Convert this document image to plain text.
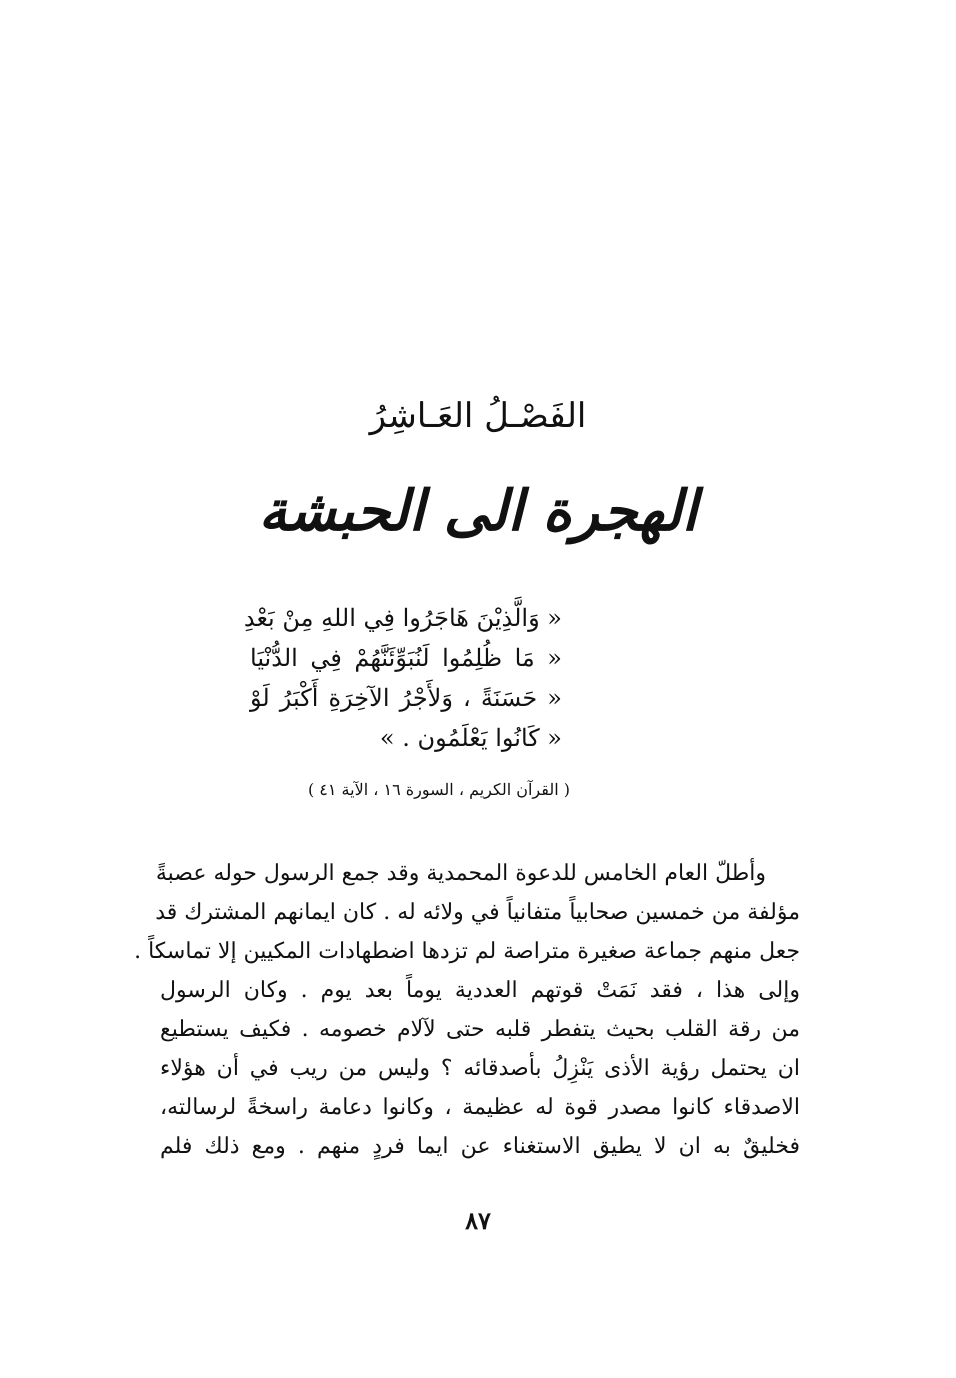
الفَصْـلُ العَـاشِرُ
الهجرة الى الحبشة
« وَالَّذِيْنَ هَاجَرُوا فِي اللهِ مِنْ بَعْدِ
« مَا ظُلِمُوا لَنُبَوِّئَنَّهُمْ فِي الدُّنْيَا
« حَسَنَةً ، وَلأَجْرُ الآخِرَةِ أَكْبَرُ لَوْ
« كَانُوا يَعْلَمُون . »
( القرآن الكريم ، السورة ١٦ ، الآية ٤١ )
وأطلّ العام الخامس للدعوة المحمدية وقد جمع الرسول حوله عصبةً
مؤلفة من خمسين صحابياً متفانياً في ولائه له . كان ايمانهم المشترك قد
جعل منهم جماعة صغيرة متراصة لم تزدها اضطهادات المكيين إلا تماسكاً .
وإلى هذا ، فقد نَمَتْ قوتهم العددية يوماً بعد يوم . وكان الرسول
من رقة القلب بحيث يتفطر قلبه حتى لآلام خصومه . فكيف يستطيع
ان يحتمل رؤية الأذى يَنْزِلُ بأصدقائه ؟ وليس من ريب في أن هؤلاء
الاصدقاء كانوا مصدر قوة له عظيمة ، وكانوا دعامة راسخةً لرسالته،
فخليقٌ به ان لا يطيق الاستغناء عن ايما فردٍ منهم . ومع ذلك فلم
٨٧
